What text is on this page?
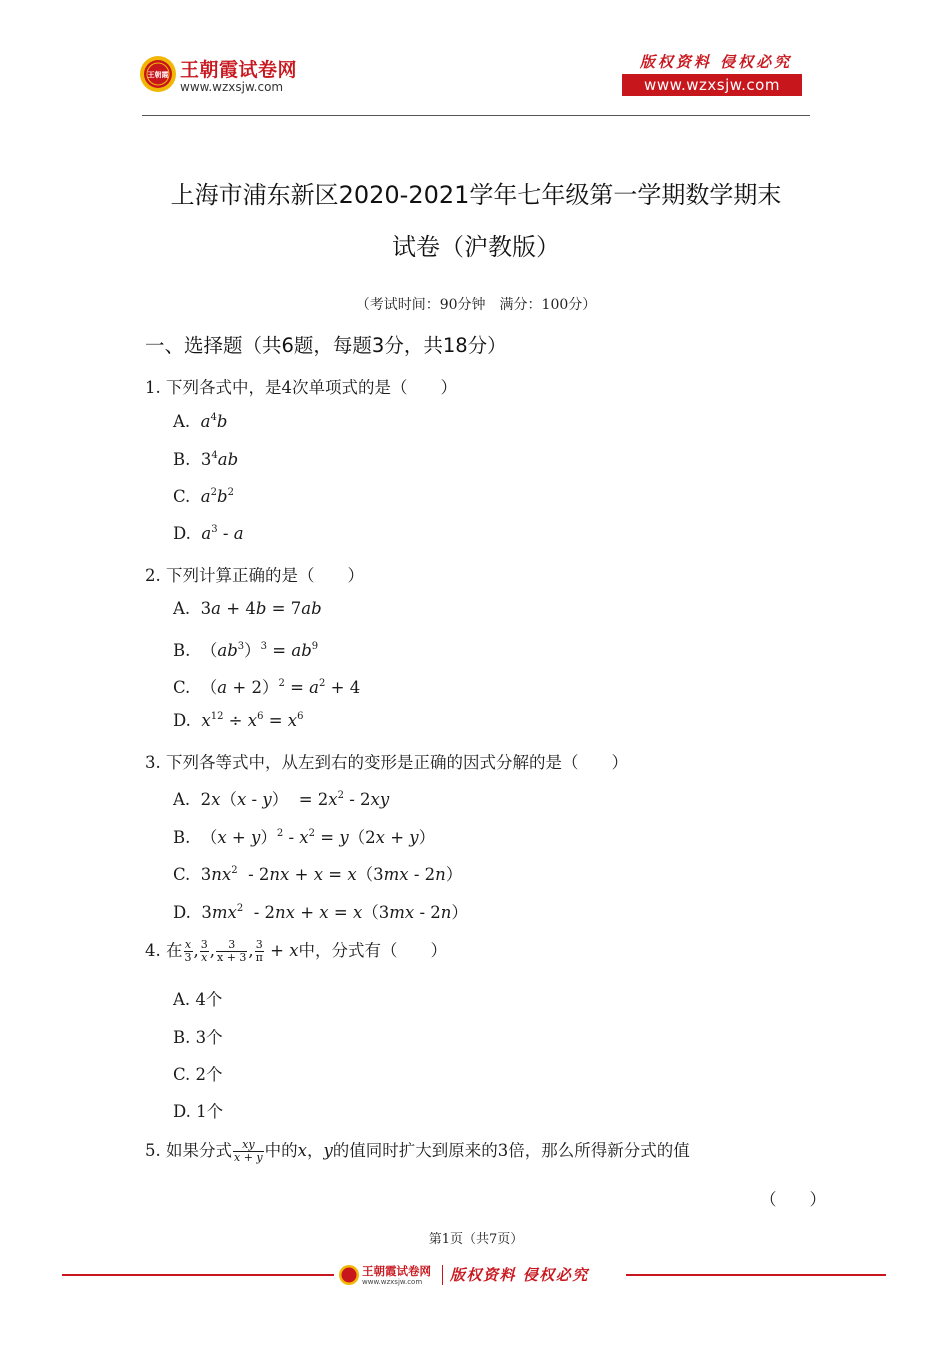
王朝霞 王朝霞试卷网
www.wzxsjw.com
版权资料 侵权必究
www.wzxsjw.com
上海市浦东新区2020-2021学年七年级第一学期数学期末
试卷（沪教版）
（考试时间：90分钟　满分：100分）
一、选择题（共6题，每题3分，共18分）
1. 下列各式中，是4次单项式的是（　　）
A. $a^4b$
B. $3^4ab$
C. $a^2b^2$
D. $a^3$ - a
2. 下列计算正确的是（　　）
A. 3a + 4b = 7ab
B. $(ab^3)^3 = ab^9$
C. $(a + 2)^2 = a^2 + 4$
D. $x^{12} \div x^6 = x^6$
3. 下列各等式中，从左到右的变形是正确的因式分解的是（　　）
A. $2x(x - y) = 2x^2 - 2xy$
B. $(x + y)^2 - x^2 = y(2x + y)$
C. $3nx^2 - 2nx + x = x(3mx - 2n)$
D. $3mx^2 - 2nx + x = x(3mx - 2n)$
4. 在 $\frac{x}{3}$ , $\frac{3}{x}$ , $\frac{3}{x + 3}$ , $\frac{3}{\pi} + x$中，分式有（　　）
A. 4个
B. 3个
C. 2个
D. 1个
5. 如果分式 $\frac{xy}{x + y}$ 中的x，y的值同时扩大到原来的3倍，那么所得新分式的值
（　　）
第1页（共7页）
王朝霞试卷网
www.wzxsjw.com 版权资料 侵权必究
